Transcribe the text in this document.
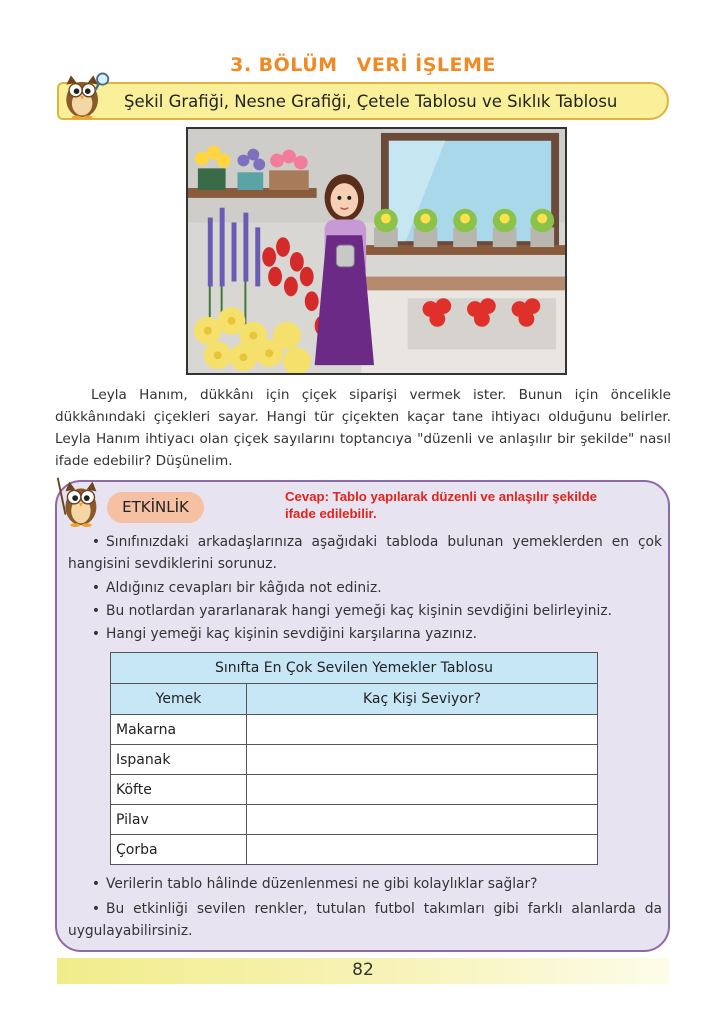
3. BÖLÜM VERİ İŞLEME
Şekil Grafiği, Nesne Grafiği, Çetele Tablosu ve Sıklık Tablosu

Leyla Hanım, dükkânı için çiçek siparişi vermek ister. Bunun için öncelikle dükkânındaki çiçekleri sayar. Hangi tür çiçekten kaçar tane ihtiyacı olduğunu belirler. Leyla Hanım ihtiyacı olan çiçek sayılarını toptancıya "düzenli ve anlaşılır bir şekilde" nasıl ifade edebilir? Düşünelim.

ETKİNLİK
Cevap: Tablo yapılarak düzenli ve anlaşılır şekilde
ifade edilebilir.

• Sınıfınızdaki arkadaşlarınıza aşağıdaki tabloda bulunan yemeklerden en çok hangisini sevdiklerini sorunuz.

• Aldığınız cevapları bir kâğıda not ediniz.

• Bu notlardan yararlanarak hangi yemeği kaç kişinin sevdiğini belirleyiniz.

• Hangi yemeği kaç kişinin sevdiğini karşılarına yazınız.

Sınıfta En Çok Sevilen Yemekler Tablosu	
Yemek	Kaç Kişi Seviyor?
Makarna	
Ispanak	
Köfte	
Pilav	
Çorba	

• Verilerin tablo hâlinde düzenlenmesi ne gibi kolaylıklar sağlar?

• Bu etkinliği sevilen renkler, tutulan futbol takımları gibi farklı alanlarda da uygulayabilirsiniz.

82
